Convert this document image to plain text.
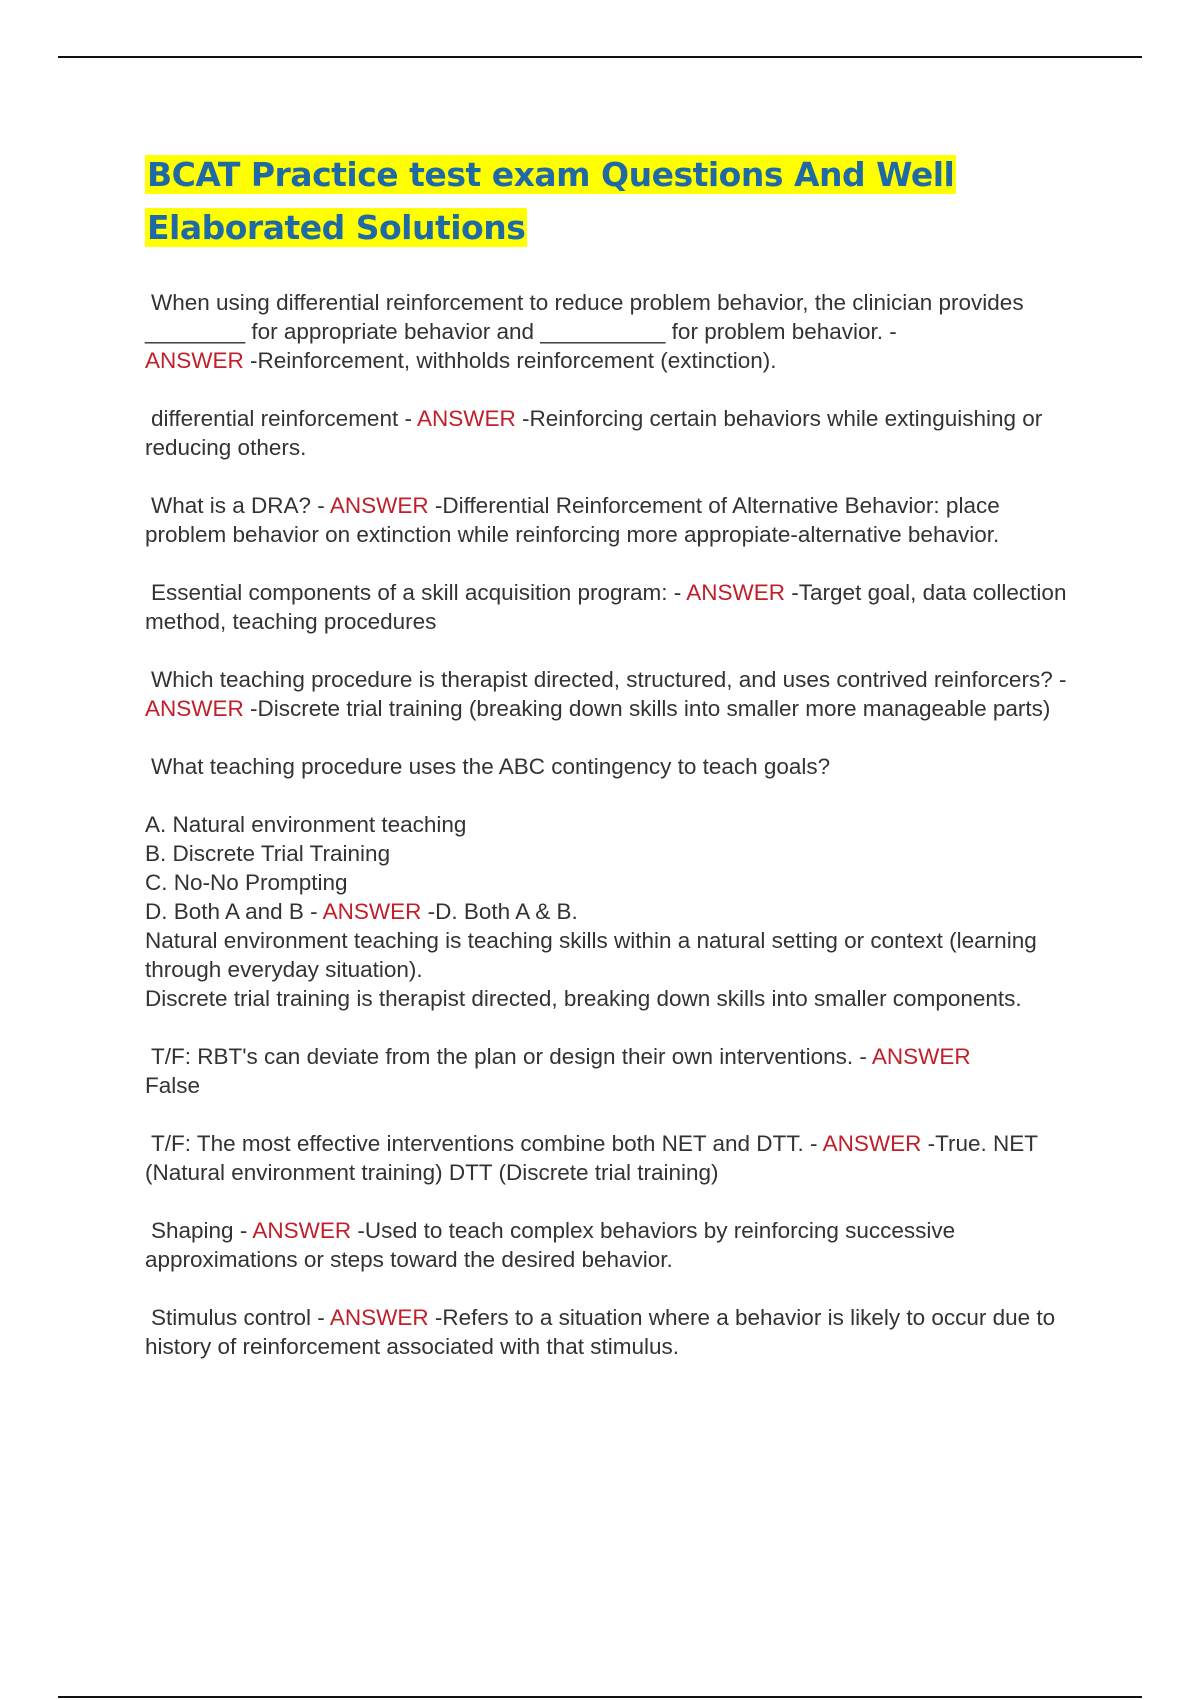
BCAT Practice test exam Questions And Well Elaborated Solutions

When using differential reinforcement to reduce problem behavior, the clinician provides ________ for appropriate behavior and __________ for problem behavior. -
ANSWER -Reinforcement, withholds reinforcement (extinction).

differential reinforcement - ANSWER -Reinforcing certain behaviors while extinguishing or reducing others.

What is a DRA? - ANSWER -Differential Reinforcement of Alternative Behavior: place problem behavior on extinction while reinforcing more appropiate-alternative behavior.

Essential components of a skill acquisition program: - ANSWER -Target goal, data collection method, teaching procedures

Which teaching procedure is therapist directed, structured, and uses contrived reinforcers? - ANSWER -Discrete trial training (breaking down skills into smaller more manageable parts)

What teaching procedure uses the ABC contingency to teach goals?

A. Natural environment teaching
B. Discrete Trial Training
C. No-No Prompting
D. Both A and B - ANSWER -D. Both A & B.
Natural environment teaching is teaching skills within a natural setting or context (learning through everyday situation).
Discrete trial training is therapist directed, breaking down skills into smaller components.

T/F: RBT's can deviate from the plan or design their own interventions. - ANSWER
False

T/F: The most effective interventions combine both NET and DTT. - ANSWER -True. NET (Natural environment training) DTT (Discrete trial training)

Shaping - ANSWER -Used to teach complex behaviors by reinforcing successive approximations or steps toward the desired behavior.

Stimulus control - ANSWER -Refers to a situation where a behavior is likely to occur due to history of reinforcement associated with that stimulus.
